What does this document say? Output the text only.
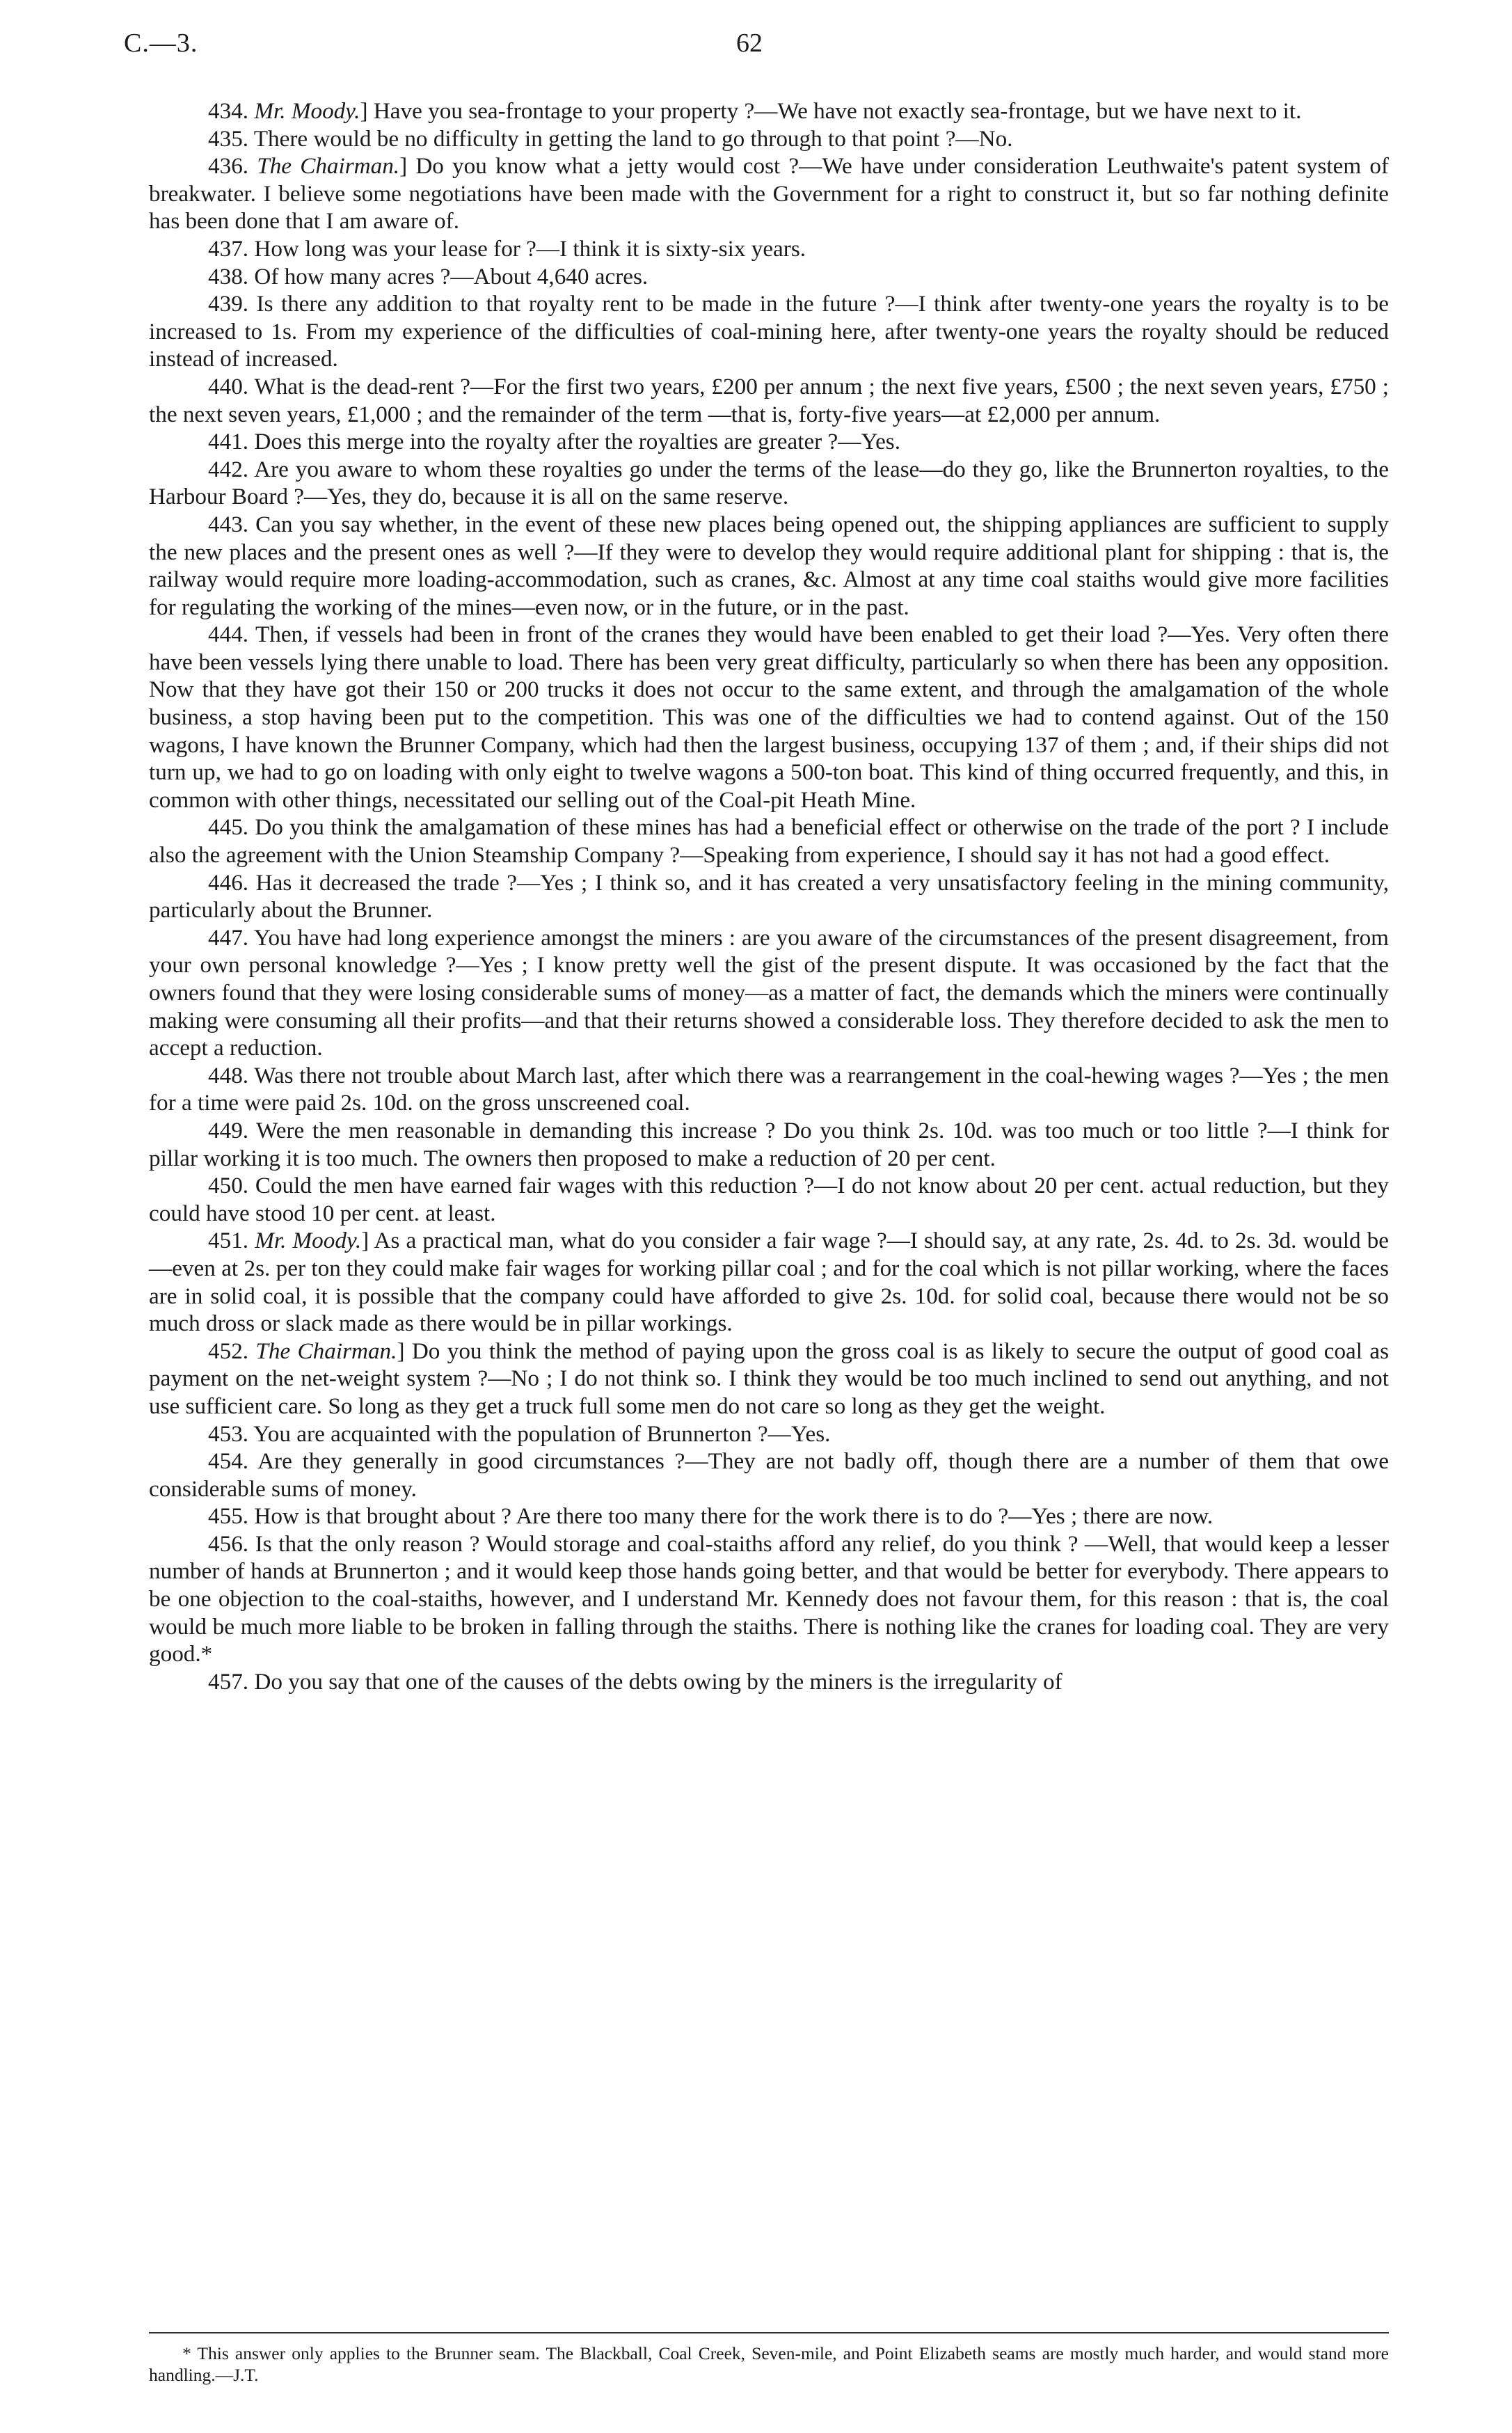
C.—3.	62

434. Mr. Moody.] Have you sea-frontage to your property ?—We have not exactly sea-frontage, but we have next to it.

435. There would be no difficulty in getting the land to go through to that point ?—No.

436. The Chairman.] Do you know what a jetty would cost ?—We have under consideration Leuthwaite's patent system of breakwater. I believe some negotiations have been made with the Government for a right to construct it, but so far nothing definite has been done that I am aware of.

437. How long was your lease for ?—I think it is sixty-six years.

438. Of how many acres ?—About 4,640 acres.

439. Is there any addition to that royalty rent to be made in the future ?—I think after twenty-one years the royalty is to be increased to 1s. From my experience of the difficulties of coal-mining here, after twenty-one years the royalty should be reduced instead of increased.

440. What is the dead-rent ?—For the first two years, £200 per annum ; the next five years, £500 ; the next seven years, £750 ; the next seven years, £1,000 ; and the remainder of the term —that is, forty-five years—at £2,000 per annum.

441. Does this merge into the royalty after the royalties are greater ?—Yes.

442. Are you aware to whom these royalties go under the terms of the lease—do they go, like the Brunnerton royalties, to the Harbour Board ?—Yes, they do, because it is all on the same reserve.

443. Can you say whether, in the event of these new places being opened out, the shipping appliances are sufficient to supply the new places and the present ones as well ?—If they were to develop they would require additional plant for shipping : that is, the railway would require more loading-accommodation, such as cranes, &c. Almost at any time coal staiths would give more facilities for regulating the working of the mines—even now, or in the future, or in the past.

444. Then, if vessels had been in front of the cranes they would have been enabled to get their load ?—Yes. Very often there have been vessels lying there unable to load. There has been very great difficulty, particularly so when there has been any opposition. Now that they have got their 150 or 200 trucks it does not occur to the same extent, and through the amalgamation of the whole business, a stop having been put to the competition. This was one of the difficulties we had to contend against. Out of the 150 wagons, I have known the Brunner Company, which had then the largest business, occupying 137 of them ; and, if their ships did not turn up, we had to go on loading with only eight to twelve wagons a 500-ton boat. This kind of thing occurred frequently, and this, in common with other things, necessitated our selling out of the Coal-pit Heath Mine.

445. Do you think the amalgamation of these mines has had a beneficial effect or otherwise on the trade of the port ? I include also the agreement with the Union Steamship Company ?—Speaking from experience, I should say it has not had a good effect.

446. Has it decreased the trade ?—Yes ; I think so, and it has created a very unsatisfactory feeling in the mining community, particularly about the Brunner.

447. You have had long experience amongst the miners : are you aware of the circumstances of the present disagreement, from your own personal knowledge ?—Yes ; I know pretty well the gist of the present dispute. It was occasioned by the fact that the owners found that they were losing considerable sums of money—as a matter of fact, the demands which the miners were continually making were consuming all their profits—and that their returns showed a considerable loss. They therefore decided to ask the men to accept a reduction.

448. Was there not trouble about March last, after which there was a rearrangement in the coal-hewing wages ?—Yes ; the men for a time were paid 2s. 10d. on the gross unscreened coal.

449. Were the men reasonable in demanding this increase ? Do you think 2s. 10d. was too much or too little ?—I think for pillar working it is too much. The owners then proposed to make a reduction of 20 per cent.

450. Could the men have earned fair wages with this reduction ?—I do not know about 20 per cent. actual reduction, but they could have stood 10 per cent. at least.

451. Mr. Moody.] As a practical man, what do you consider a fair wage ?—I should say, at any rate, 2s. 4d. to 2s. 3d. would be—even at 2s. per ton they could make fair wages for working pillar coal ; and for the coal which is not pillar working, where the faces are in solid coal, it is possible that the company could have afforded to give 2s. 10d. for solid coal, because there would not be so much dross or slack made as there would be in pillar workings.

452. The Chairman.] Do you think the method of paying upon the gross coal is as likely to secure the output of good coal as payment on the net-weight system ?—No ; I do not think so. I think they would be too much inclined to send out anything, and not use sufficient care. So long as they get a truck full some men do not care so long as they get the weight.

453. You are acquainted with the population of Brunnerton ?—Yes.

454. Are they generally in good circumstances ?—They are not badly off, though there are a number of them that owe considerable sums of money.

455. How is that brought about ? Are there too many there for the work there is to do ?—Yes ; there are now.

456. Is that the only reason ? Would storage and coal-staiths afford any relief, do you think ? —Well, that would keep a lesser number of hands at Brunnerton ; and it would keep those hands going better, and that would be better for everybody. There appears to be one objection to the coal-staiths, however, and I understand Mr. Kennedy does not favour them, for this reason : that is, the coal would be much more liable to be broken in falling through the staiths. There is nothing like the cranes for loading coal. They are very good.*

457. Do you say that one of the causes of the debts owing by the miners is the irregularity of

* This answer only applies to the Brunner seam. The Blackball, Coal Creek, Seven-mile, and Point Elizabeth seams are mostly much harder, and would stand more handling.—J.T.
